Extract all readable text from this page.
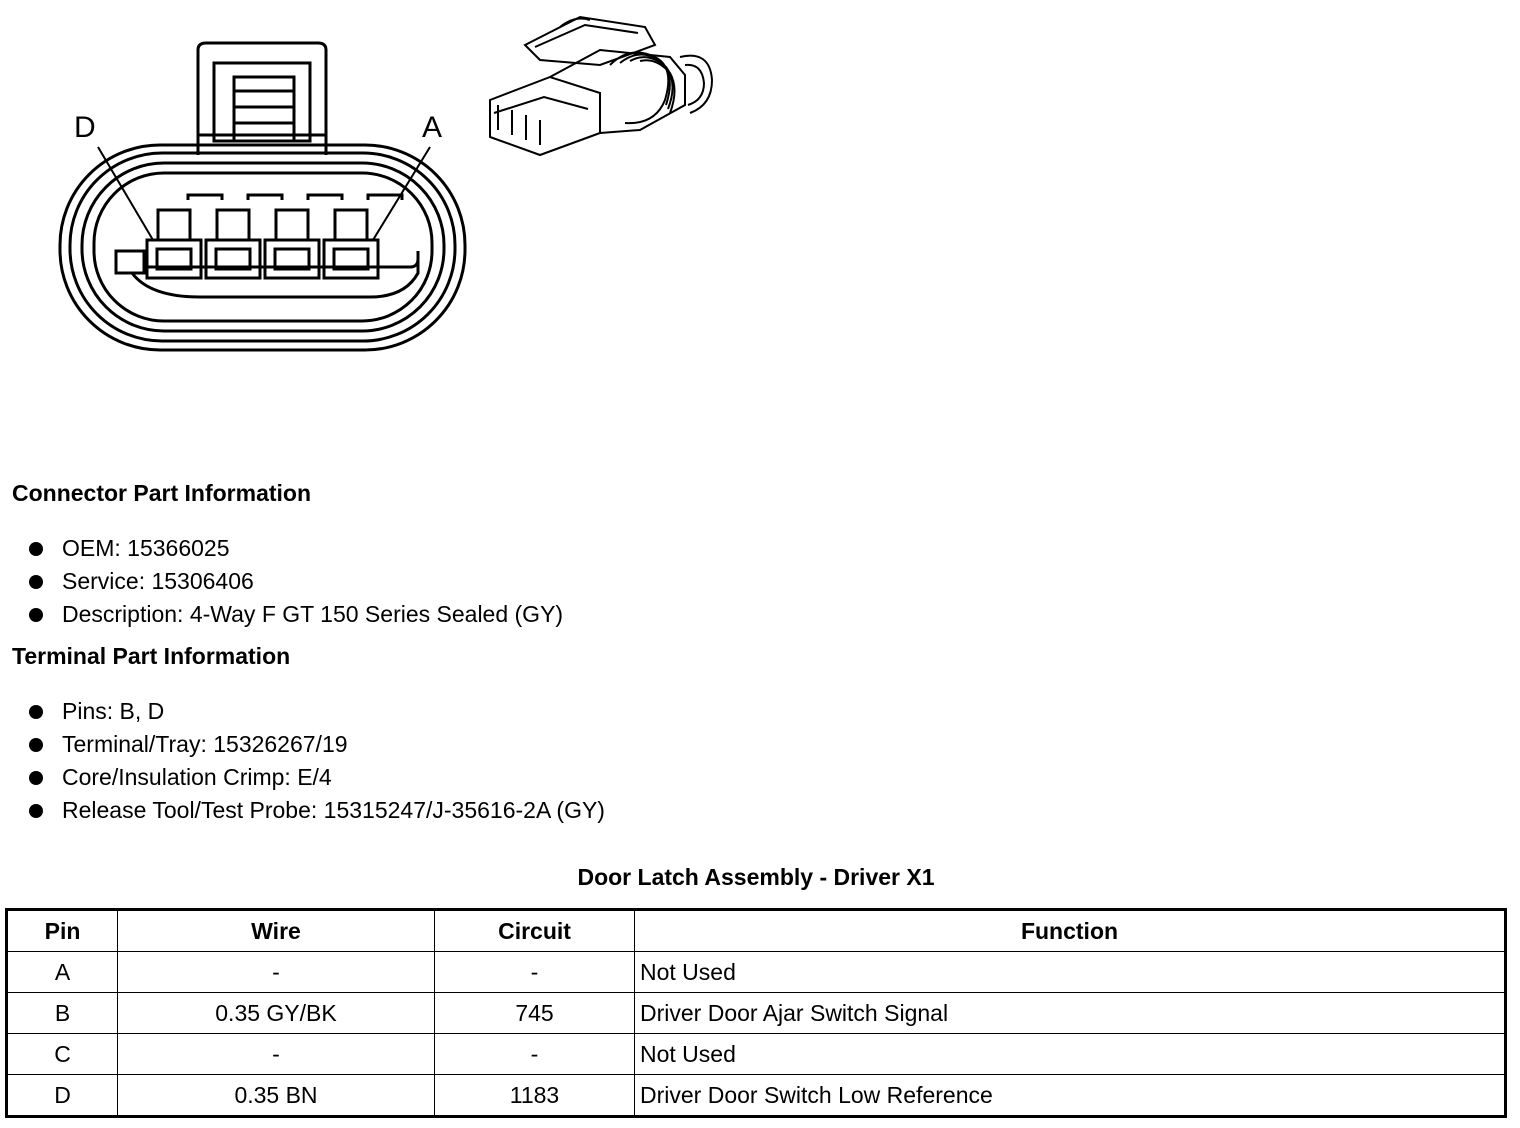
D	A
Connector Part Information
OEM: 15366025
Service: 15306406
Description: 4-Way F GT 150 Series Sealed (GY)
Terminal Part Information
Pins: B, D
Terminal/Tray: 15326267/19
Core/Insulation Crimp: E/4
Release Tool/Test Probe: 15315247/J-35616-2A (GY)
Door Latch Assembly - Driver X1
Pin	Wire	Circuit	Function
A	-	-	Not Used
B	0.35 GY/BK	745	Driver Door Ajar Switch Signal
C	-	-	Not Used
D	0.35 BN	1183	Driver Door Switch Low Reference
